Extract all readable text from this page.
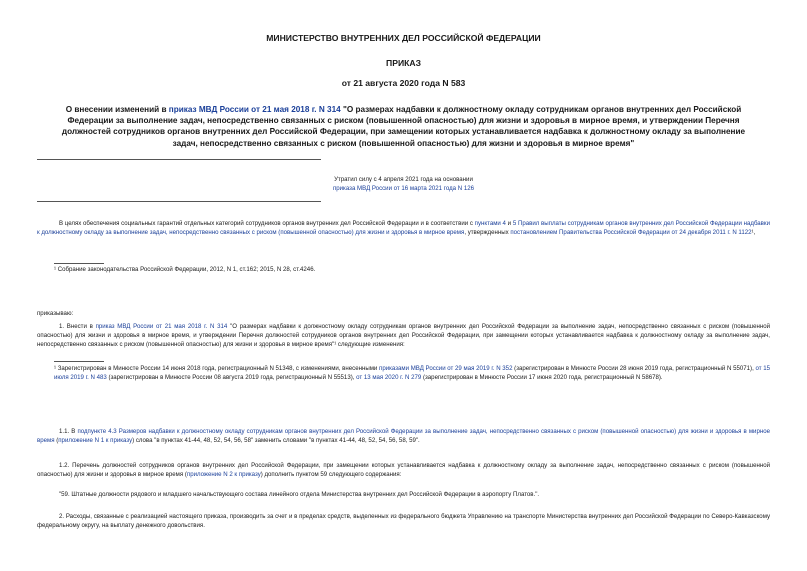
МИНИСТЕРСТВО ВНУТРЕННИХ ДЕЛ РОССИЙСКОЙ ФЕДЕРАЦИИ
ПРИКАЗ
от 21 августа 2020 года N 583
О внесении изменений в приказ МВД России от 21 мая 2018 г. N 314 "О размерах надбавки к должностному окладу сотрудникам органов внутренних дел Российской Федерации за выполнение задач, непосредственно связанных с риском (повышенной опасностью) для жизни и здоровья в мирное время, и утверждении Перечня должностей сотрудников органов внутренних дел Российской Федерации, при замещении которых устанавливается надбавка к должностному окладу за выполнение задач, непосредственно связанных с риском (повышенной опасностью) для жизни и здоровья в мирное время"
Утратил силу с 4 апреля 2021 года на основании
приказа МВД России от 16 марта 2021 года N 126
В целях обеспечения социальных гарантий отдельных категорий сотрудников органов внутренних дел Российской Федерации и в соответствии с пунктами 4 и 5 Правил выплаты сотрудникам органов внутренних дел Российской Федерации надбавки к должностному окладу за выполнение задач, непосредственно связанных с риском (повышенной опасностью) для жизни и здоровья в мирное время, утвержденных постановлением Правительства Российской Федерации от 24 декабря 2011 г. N 1122¹,
¹ Собрание законодательства Российской Федерации, 2012, N 1, ст.162; 2015, N 28, ст.4246.
приказываю:
1. Внести в приказ МВД России от 21 мая 2018 г. N 314 "О размерах надбавки к должностному окладу сотрудникам органов внутренних дел Российской Федерации за выполнение задач, непосредственно связанных с риском (повышенной опасностью) для жизни и здоровья в мирное время, и утверждении Перечня должностей сотрудников органов внутренних дел Российской Федерации, при замещении которых устанавливается надбавка к должностному окладу за выполнение задач, непосредственно связанных с риском (повышенной опасностью) для жизни и здоровья в мирное время"¹ следующие изменения:
¹ Зарегистрирован в Минюсте России 14 июня 2018 года, регистрационный N 51348, с изменениями, внесенными приказами МВД России от 29 мая 2019 г. N 352 (зарегистрирован в Минюсте России 28 июня 2019 года, регистрационный N 55071), от 15 июля 2019 г. N 483 (зарегистрирован в Минюсте России 08 августа 2019 года, регистрационный N 55513), от 13 мая 2020 г. N 279 (зарегистрирован в Минюсте России 17 июня 2020 года, регистрационный N 58678).
1.1. В подпункте 4.3 Размеров надбавки к должностному окладу сотрудникам органов внутренних дел Российской Федерации за выполнение задач, непосредственно связанных с риском (повышенной опасностью) для жизни и здоровья в мирное время (приложение N 1 к приказу) слова "в пунктах 41-44, 48, 52, 54, 56, 58" заменить словами "в пунктах 41-44, 48, 52, 54, 56, 58, 59".
1.2. Перечень должностей сотрудников органов внутренних дел Российской Федерации, при замещении которых устанавливается надбавка к должностному окладу за выполнение задач, непосредственно связанных с риском (повышенной опасностью) для жизни и здоровья в мирное время (приложение N 2 к приказу) дополнить пунктом 59 следующего содержания:
"59. Штатные должности рядового и младшего начальствующего состава линейного отдела Министерства внутренних дел Российской Федерации в аэропорту Платов.".
2. Расходы, связанные с реализацией настоящего приказа, производить за счет и в пределах средств, выделенных из федерального бюджета Управлению на транспорте Министерства внутренних дел Российской Федерации по Северо-Кавказскому федеральному округу, на выплату денежного довольствия.
